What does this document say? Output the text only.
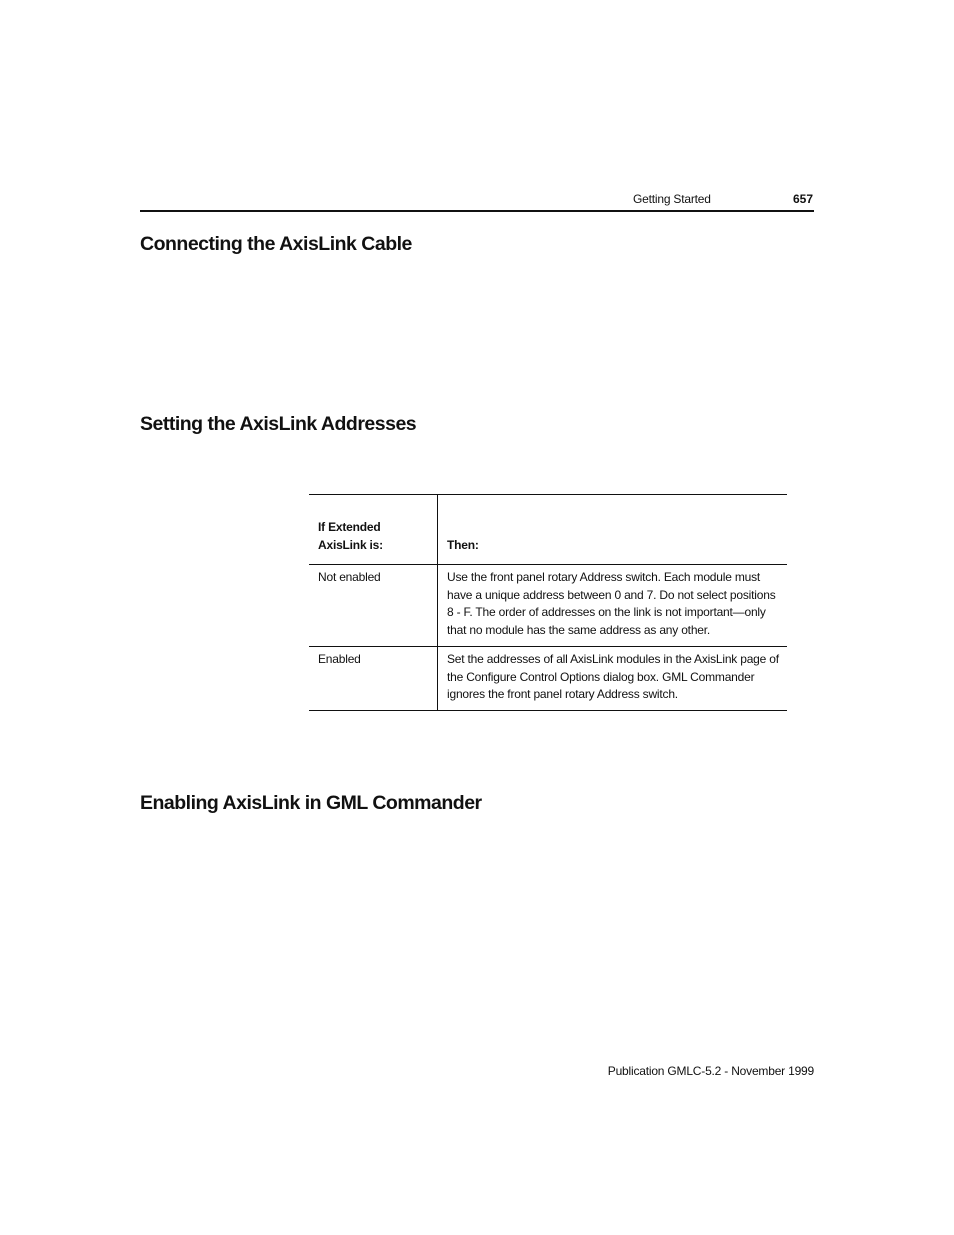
Getting Started	657
Connecting the AxisLink Cable
Setting the AxisLink Addresses
If Extended AxisLink is:	Then:
Not enabled	Use the front panel rotary Address switch. Each module must have a unique address between 0 and 7. Do not select positions 8 - F. The order of addresses on the link is not important—only that no module has the same address as any other.
Enabled	Set the addresses of all AxisLink modules in the AxisLink page of the Configure Control Options dialog box. GML Commander ignores the front panel rotary Address switch.
Enabling AxisLink in GML Commander
Publication GMLC-5.2 - November 1999
